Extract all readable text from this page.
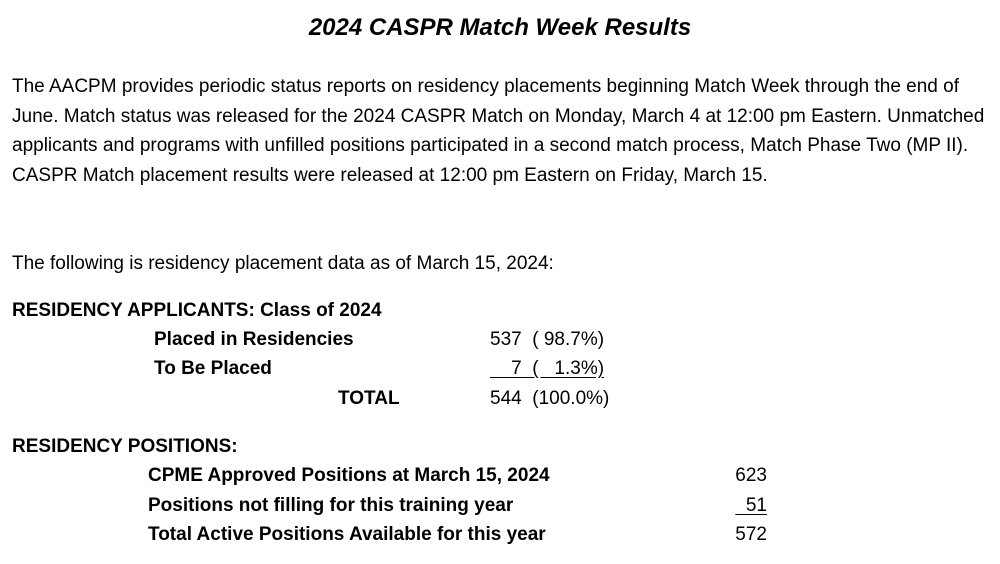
2024 CASPR Match Week Results
The AACPM provides periodic status reports on residency placements beginning Match Week through the end of June. Match status was released for the 2024 CASPR Match on Monday, March 4 at 12:00 pm Eastern. Unmatched applicants and programs with unfilled positions participated in a second match process, Match Phase Two (MP II). CASPR Match placement results were released at 12:00 pm Eastern on Friday, March 15.
The following is residency placement data as of March 15, 2024:
RESIDENCY APPLICANTS: Class of 2024
Placed in Residencies	537  ( 98.7%)
To Be Placed	7  (   1.3%)
TOTAL	544  (100.0%)
RESIDENCY POSITIONS:
CPME Approved Positions at March 15, 2024	623
Positions not filling for this training year	51
Total Active Positions Available for this year	572
